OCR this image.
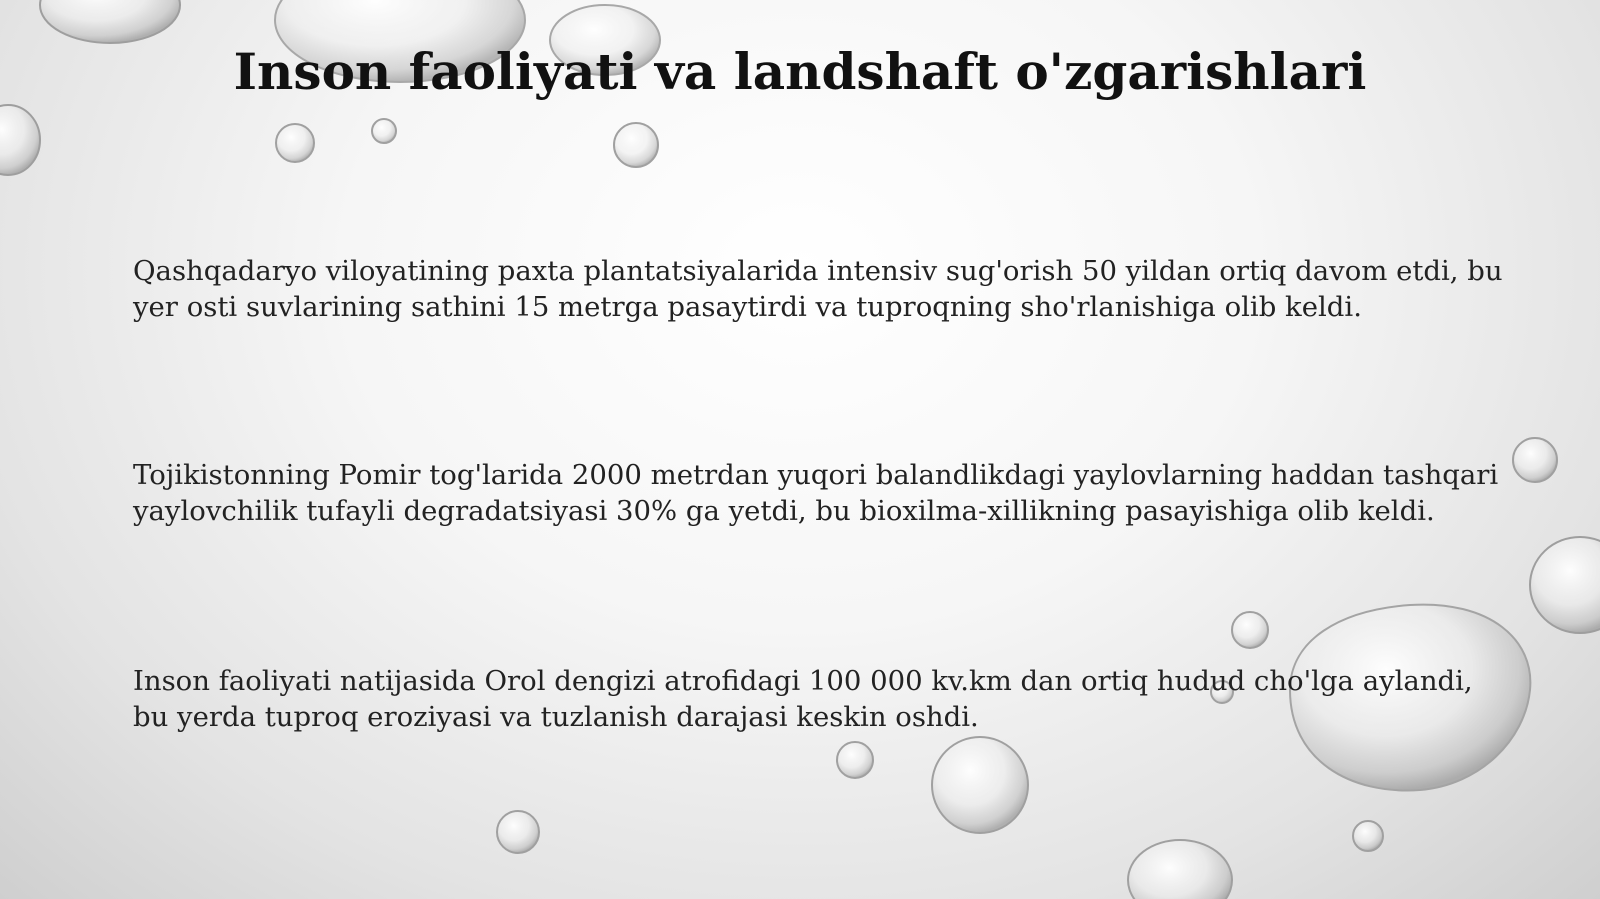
Inson faoliyati va landshaft o'zgarishlari

Qashqadaryo viloyatining paxta plantatsiyalarida intensiv sug'orish 50 yildan ortiq davom etdi, bu yer osti suvlarining sathini 15 metrga pasaytirdi va tuproqning sho'rlanishiga olib keldi.

Tojikistonning Pomir tog'larida 2000 metrdan yuqori balandlikdagi yaylovlarning haddan tashqari yaylovchilik tufayli degradatsiyasi 30% ga yetdi, bu bioxilma-xillikning pasayishiga olib keldi.

Inson faoliyati natijasida Orol dengizi atrofidagi 100 000 kv.km dan ortiq hudud cho'lga aylandi, bu yerda tuproq eroziyasi va tuzlanish darajasi keskin oshdi.
